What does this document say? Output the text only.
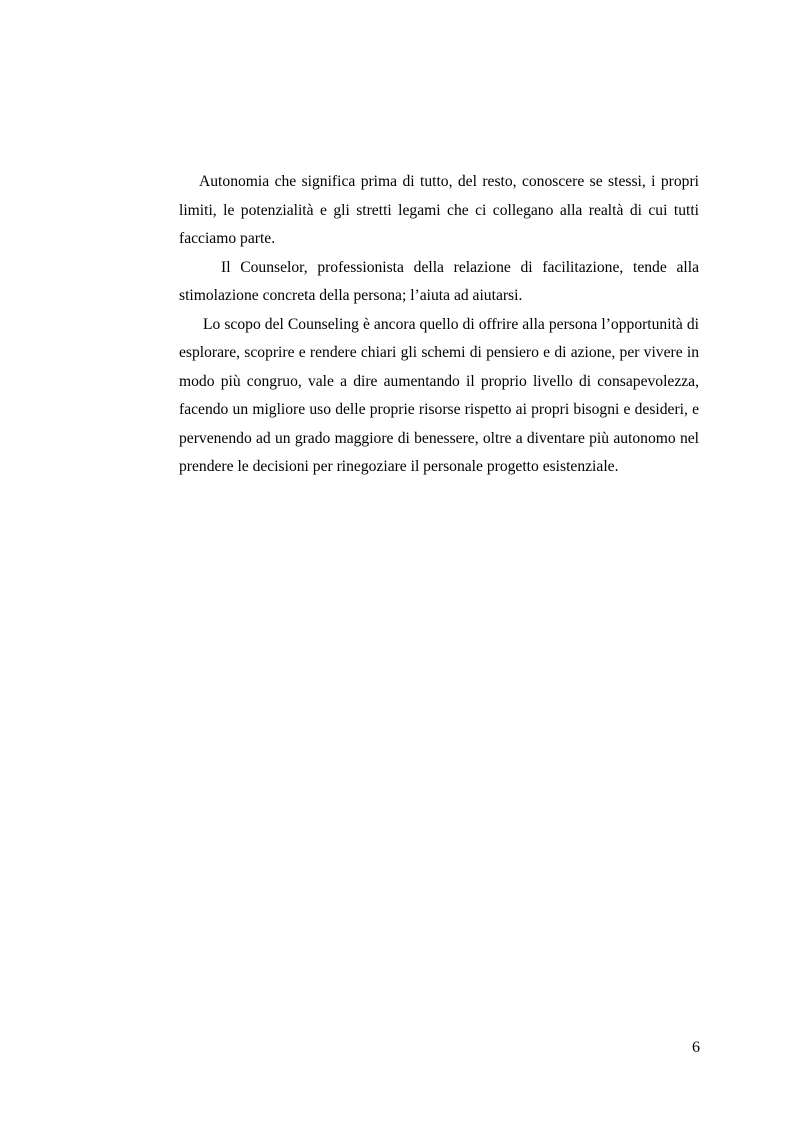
Autonomia che significa prima di tutto, del resto, conoscere se stessi, i propri limiti, le potenzialità e gli stretti legami che ci collegano alla realtà di cui tutti facciamo parte.

Il Counselor, professionista della relazione di facilitazione, tende alla stimolazione concreta della persona; l’aiuta ad aiutarsi.

Lo scopo del Counseling è ancora quello di offrire alla persona l’opportunità di esplorare, scoprire e rendere chiari gli schemi di pensiero e di azione, per vivere in modo più congruo, vale a dire aumentando il proprio livello di consapevolezza, facendo un migliore uso delle proprie risorse rispetto ai propri bisogni e desideri, e pervenendo ad un grado maggiore di benessere, oltre a diventare più autonomo nel prendere le decisioni per rinegoziare il personale progetto esistenziale.

6
